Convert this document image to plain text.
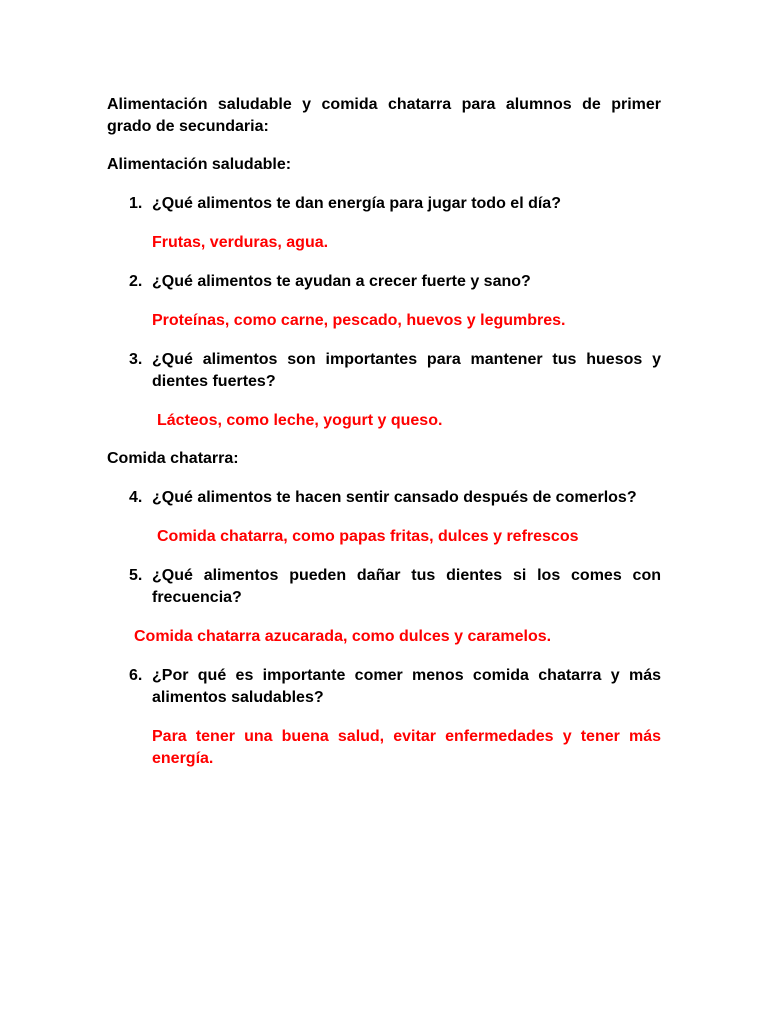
Alimentación saludable y comida chatarra para alumnos de primer grado de secundaria:

Alimentación saludable:

1. ¿Qué alimentos te dan energía para jugar todo el día?

Frutas, verduras, agua.

2. ¿Qué alimentos te ayudan a crecer fuerte y sano?

Proteínas, como carne, pescado, huevos y legumbres.

3. ¿Qué alimentos son importantes para mantener tus huesos y dientes fuertes?

Lácteos, como leche, yogurt y queso.

Comida chatarra:

4. ¿Qué alimentos te hacen sentir cansado después de comerlos?

Comida chatarra, como papas fritas, dulces y refrescos

5. ¿Qué alimentos pueden dañar tus dientes si los comes con frecuencia?

Comida chatarra azucarada, como dulces y caramelos.

6. ¿Por qué es importante comer menos comida chatarra y más alimentos saludables?

Para tener una buena salud, evitar enfermedades y tener más energía.
